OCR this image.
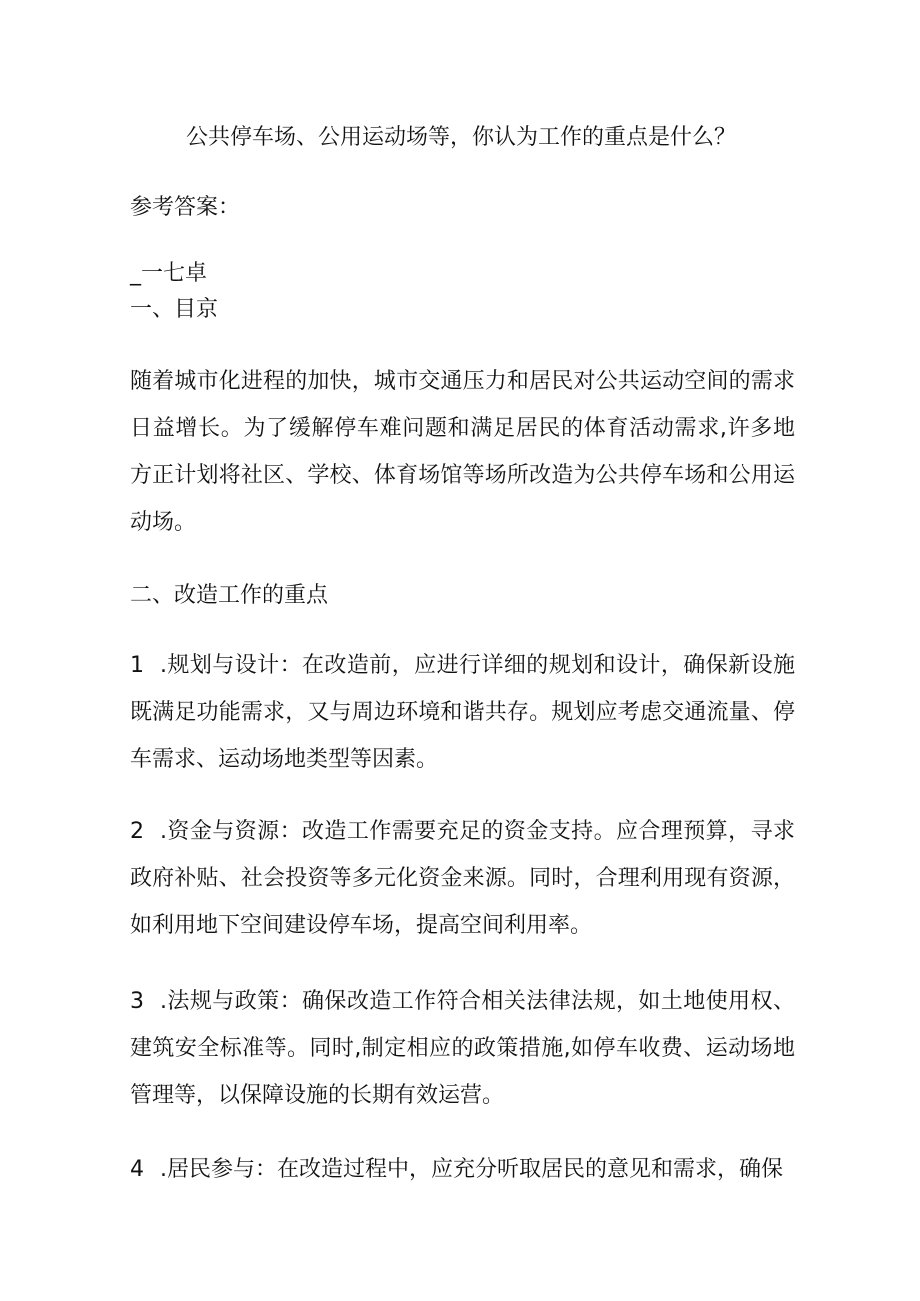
公共停车场、公用运动场等，你认为工作的重点是什么？
参考答案：
_一七卓
一、目京
随着城市化进程的加快，城市交通压力和居民对公共运动空间的需求日益增长。为了缓解停车难问题和满足居民的体育活动需求,许多地方正计划将社区、学校、体育场馆等场所改造为公共停车场和公用运动场。
二、改造工作的重点
1 .规划与设计：在改造前，应进行详细的规划和设计，确保新设施既满足功能需求，又与周边环境和谐共存。规划应考虑交通流量、停车需求、运动场地类型等因素。
2 .资金与资源：改造工作需要充足的资金支持。应合理预算，寻求政府补贴、社会投资等多元化资金来源。同时，合理利用现有资源，如利用地下空间建设停车场，提高空间利用率。
3 .法规与政策：确保改造工作符合相关法律法规，如土地使用权、建筑安全标准等。同时,制定相应的政策措施,如停车收费、运动场地管理等，以保障设施的长期有效运营。
4 .居民参与：在改造过程中，应充分听取居民的意见和需求，确保
